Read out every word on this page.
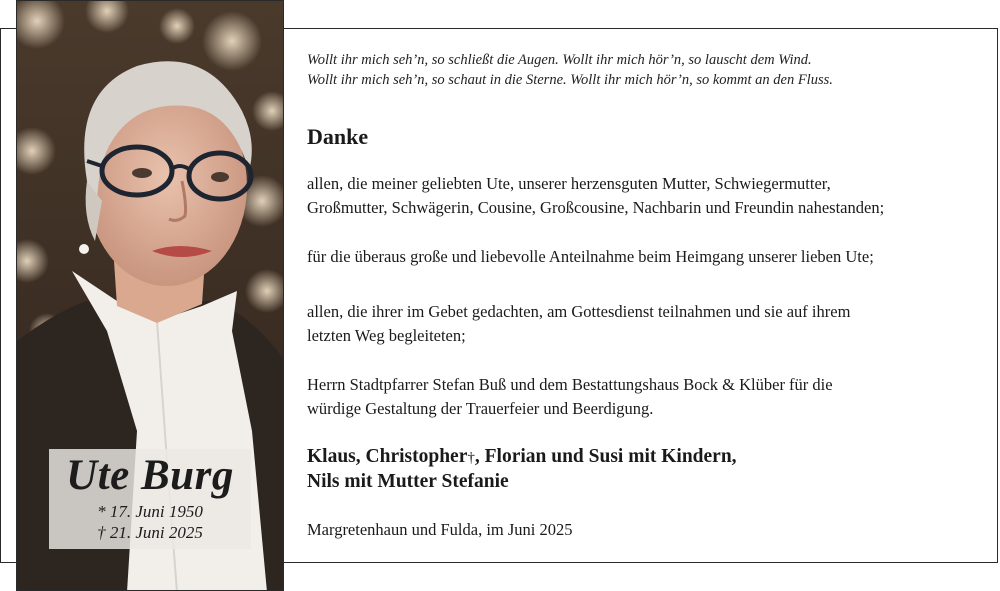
Ute Burg
* 17. Juni 1950
† 21. Juni 2025
Wollt ihr mich seh’n, so schließt die Augen. Wollt ihr mich hör’n, so lauscht dem Wind.
Wollt ihr mich seh’n, so schaut in die Sterne. Wollt ihr mich hör’n, so kommt an den Fluss.
Danke
allen, die meiner geliebten Ute, unserer herzensguten Mutter, Schwiegermutter,
Großmutter, Schwägerin, Cousine, Großcousine, Nachbarin und Freundin nahestanden;
für die überaus große und liebevolle Anteilnahme beim Heimgang unserer lieben Ute;
allen, die ihrer im Gebet gedachten, am Gottesdienst teilnahmen und sie auf ihrem
letzten Weg begleiteten;
Herrn Stadtpfarrer Stefan Buß und dem Bestattungshaus Bock & Klüber für die
würdige Gestaltung der Trauerfeier und Beerdigung.
Klaus, Christopher†, Florian und Susi mit Kindern,
Nils mit Mutter Stefanie
Margretenhaun und Fulda, im Juni 2025
